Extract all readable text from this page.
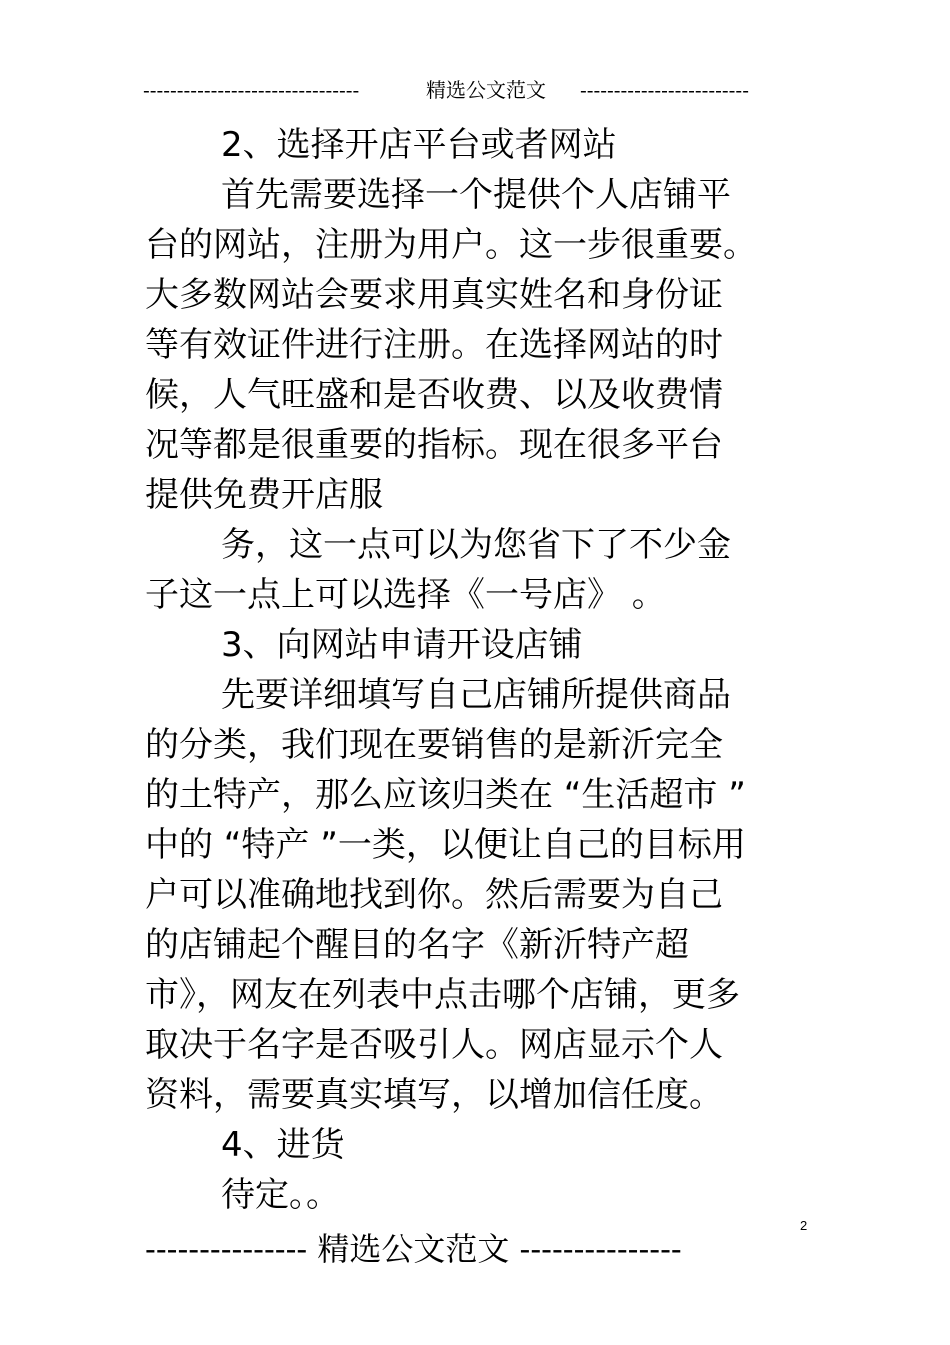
--------------------------------	精选公文范文 -------------------------
2、选择开店平台或者网站
首先需要选择一个提供个人店铺平
台的网站，注册为用户。这一步很重要。
大多数网站会要求用真实姓名和身份证
等有效证件进行注册。在选择网站的时
候，人气旺盛和是否收费、以及收费情
况等都是很重要的指标。现在很多平台
提供免费开店服
务，这一点可以为您省下了不少金
子这一点上可以选择《一号店》 。
3、向网站申请开设店铺
先要详细填写自己店铺所提供商品
的分类，我们现在要销售的是新沂完全
的土特产，那么应该归类在 “生活超市 ”
中的 “特产 ”一类，以便让自己的目标用
户可以准确地找到你。然后需要为自己
的店铺起个醒目的名字《新沂特产超
市》，网友在列表中点击哪个店铺，更多
取决于名字是否吸引人。网店显示个人
资料，需要真实填写，以增加信任度。
4、进货
待定。。
2
--------------- 精选公文范文 ---------------
